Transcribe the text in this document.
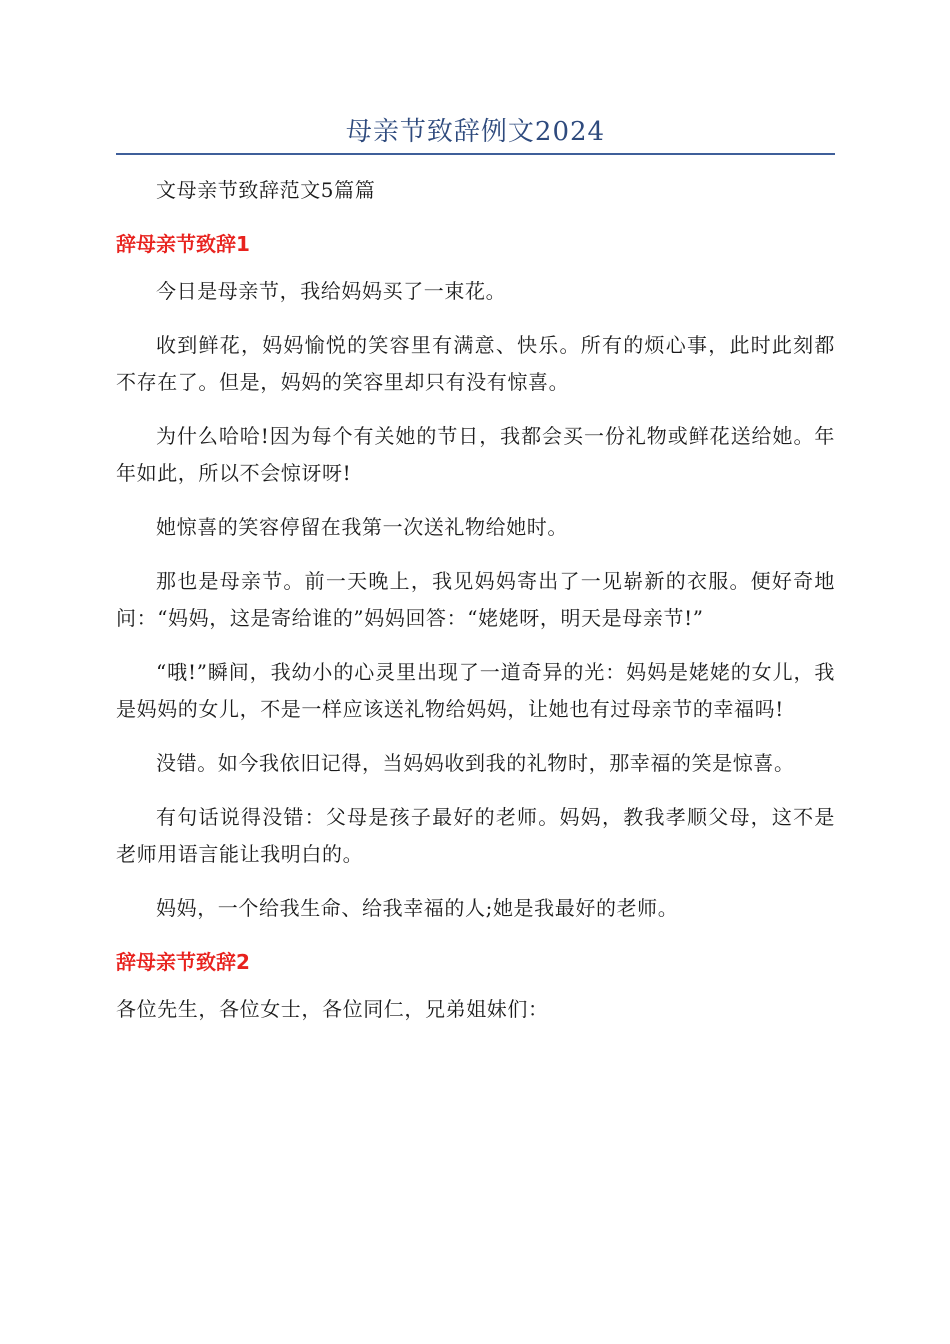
母亲节致辞例文2024

文母亲节致辞范文5篇篇

辞母亲节致辞1

今日是母亲节，我给妈妈买了一束花。

收到鲜花，妈妈愉悦的笑容里有满意、快乐。所有的烦心事，此时此刻都不存在了。但是，妈妈的笑容里却只有没有惊喜。

为什么哈哈!因为每个有关她的节日，我都会买一份礼物或鲜花送给她。年年如此，所以不会惊讶呀!

她惊喜的笑容停留在我第一次送礼物给她时。

那也是母亲节。前一天晚上，我见妈妈寄出了一见崭新的衣服。便好奇地问：“妈妈，这是寄给谁的”妈妈回答：“姥姥呀，明天是母亲节!”

“哦!”瞬间，我幼小的心灵里出现了一道奇异的光：妈妈是姥姥的女儿，我是妈妈的女儿，不是一样应该送礼物给妈妈，让她也有过母亲节的幸福吗!

没错。如今我依旧记得，当妈妈收到我的礼物时，那幸福的笑是惊喜。

有句话说得没错：父母是孩子最好的老师。妈妈，教我孝顺父母，这不是老师用语言能让我明白的。

妈妈，一个给我生命、给我幸福的人;她是我最好的老师。

辞母亲节致辞2

各位先生，各位女士，各位同仁，兄弟姐妹们：
